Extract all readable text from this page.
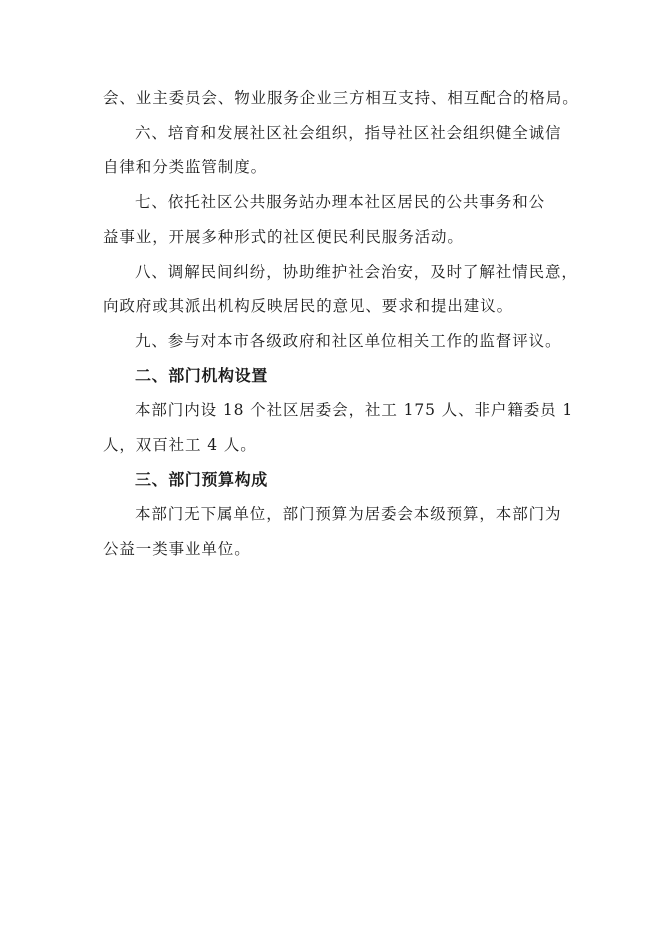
会、业主委员会、物业服务企业三方相互支持、相互配合的格局。
六、培育和发展社区社会组织，指导社区社会组织健全诚信
自律和分类监管制度。
七、依托社区公共服务站办理本社区居民的公共事务和公
益事业，开展多种形式的社区便民利民服务活动。
八、调解民间纠纷，协助维护社会治安，及时了解社情民意，
向政府或其派出机构反映居民的意见、要求和提出建议。
九、参与对本市各级政府和社区单位相关工作的监督评议。
二、部门机构设置
本部门内设 18 个社区居委会，社工 175 人、非户籍委员 1
人，双百社工 4 人。
三、部门预算构成
本部门无下属单位，部门预算为居委会本级预算，本部门为
公益一类事业单位。
